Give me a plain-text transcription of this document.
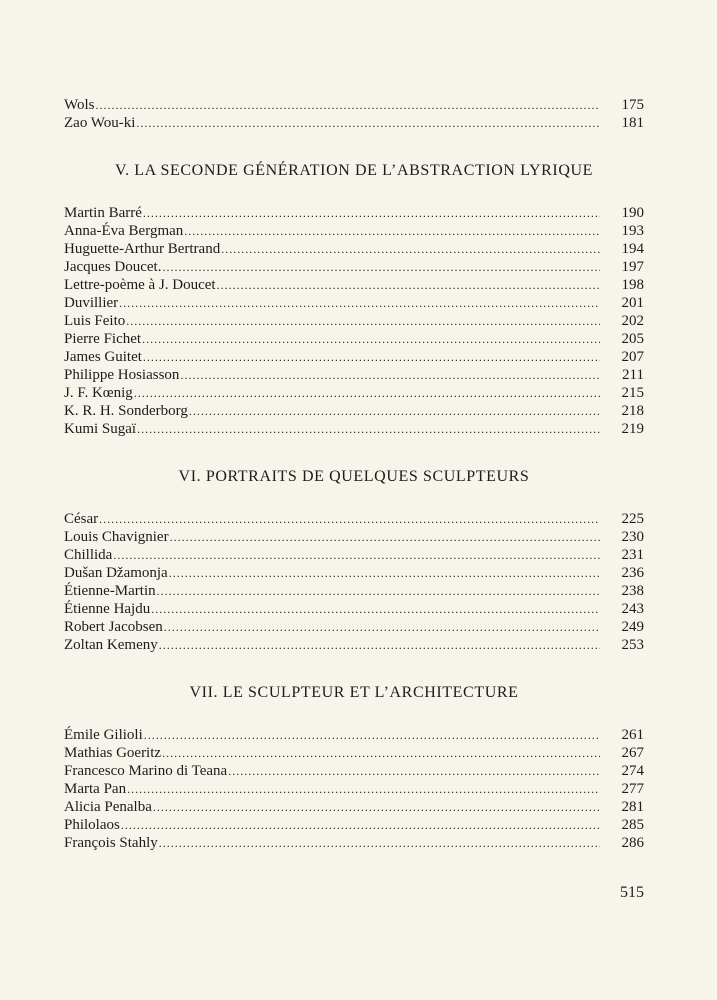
Wols .....	175
Zao Wou-ki .....	181
V. LA SECONDE GÉNÉRATION DE L’ABSTRACTION LYRIQUE
Martin Barré .....	190
Anna-Éva Bergman .....	193
Huguette-Arthur Bertrand .....	194
Jacques Doucet. .....	197
Lettre-poème à J. Doucet .....	198
Duvillier .....	201
Luis Feito .....	202
Pierre Fichet .....	205
James Guitet .....	207
Philippe Hosiasson .....	211
J. F. Kœnig .....	215
K. R. H. Sonderborg .....	218
Kumi Sugaï .....	219
VI. PORTRAITS DE QUELQUES SCULPTEURS
César .....	225
Louis Chavignier .....	230
Chillida .....	231
Dušan Džamonja .....	236
Étienne-Martin .....	238
Étienne Hajdu .....	243
Robert Jacobsen .....	249
Zoltan Kemeny .....	253
VII. LE SCULPTEUR ET L’ARCHITECTURE
Émile Gilioli .....	261
Mathias Goeritz .....	267
Francesco Marino di Teana .....	274
Marta Pan .....	277
Alicia Penalba .....	281
Philolaos .....	285
François Stahly .....	286
515
